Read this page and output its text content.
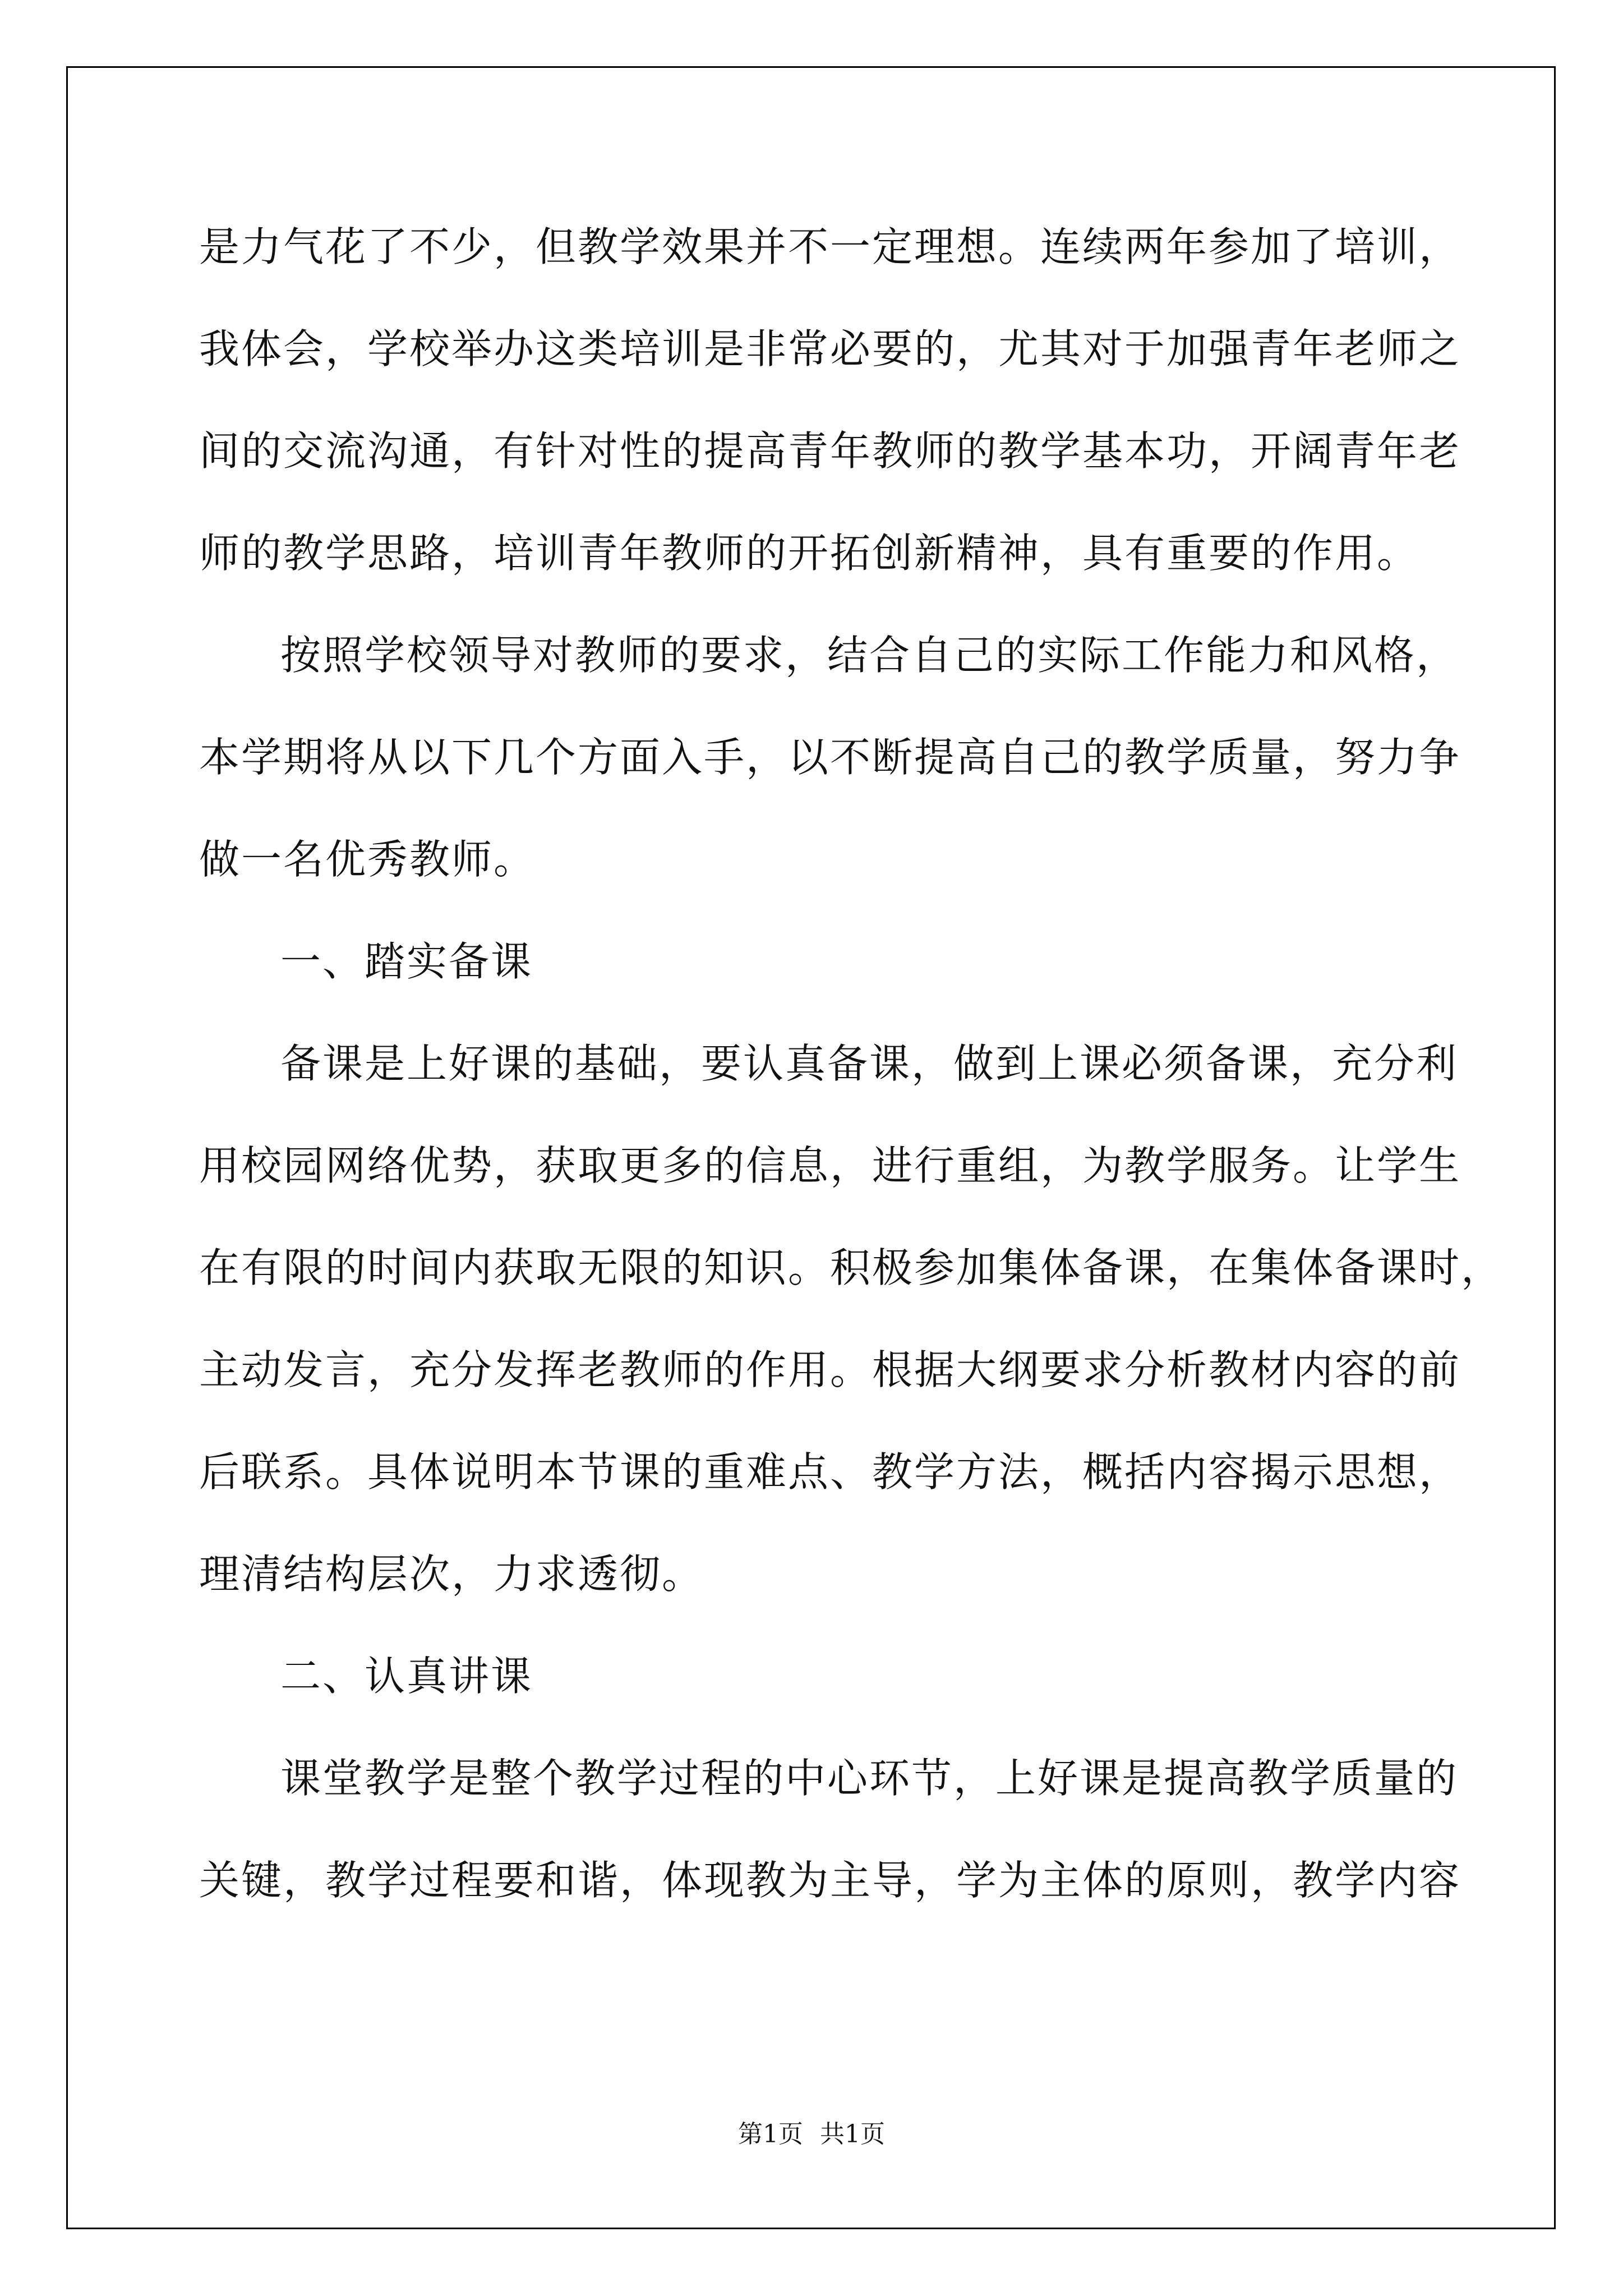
是力气花了不少，但教学效果并不一定理想。连续两年参加了培训，
我体会，学校举办这类培训是非常必要的，尤其对于加强青年老师之
间的交流沟通，有针对性的提高青年教师的教学基本功，开阔青年老
师的教学思路，培训青年教师的开拓创新精神，具有重要的作用。
按照学校领导对教师的要求，结合自己的实际工作能力和风格，
本学期将从以下几个方面入手，以不断提高自己的教学质量，努力争
做一名优秀教师。
一、踏实备课
备课是上好课的基础，要认真备课，做到上课必须备课，充分利
用校园网络优势，获取更多的信息，进行重组，为教学服务。让学生
在有限的时间内获取无限的知识。积极参加集体备课，在集体备课时，
主动发言，充分发挥老教师的作用。根据大纲要求分析教材内容的前
后联系。具体说明本节课的重难点、教学方法，概括内容揭示思想，
理清结构层次，力求透彻。
二、认真讲课
课堂教学是整个教学过程的中心环节，上好课是提高教学质量的
关键，教学过程要和谐，体现教为主导，学为主体的原则，教学内容
第1页 共1页
